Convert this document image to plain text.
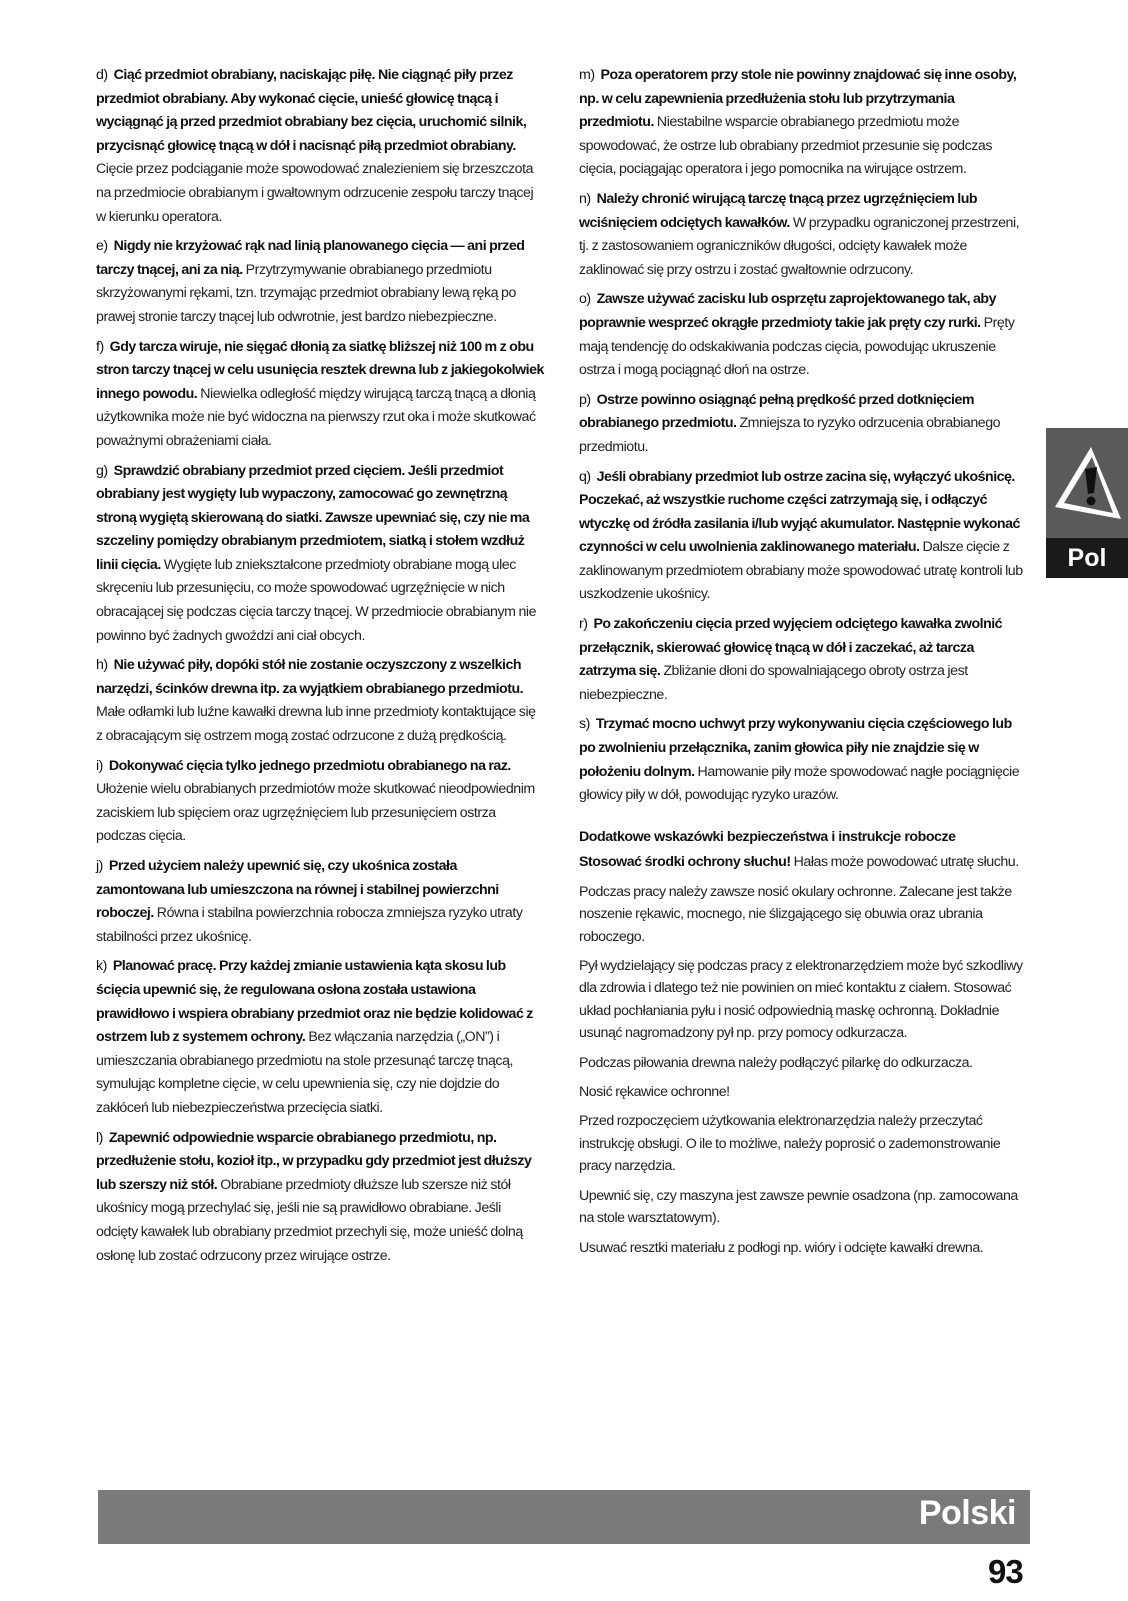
d) Ciąć przedmiot obrabiany, naciskając piłę. Nie ciągnąć piły przez przedmiot obrabiany. Aby wykonać cięcie, unieść głowicę tnącą i wyciągnąć ją przed przedmiot obrabiany bez cięcia, uruchomić silnik, przycisnąć głowicę tnącą w dół i nacisnąć piłą przedmiot obrabiany. Cięcie przez podciąganie może spowodować znalezieniem się brzeszczota na przedmiocie obrabianym i gwałtownym odrzucenie zespołu tarczy tnącej w kierunku operatora.

e) Nigdy nie krzyżować rąk nad linią planowanego cięcia — ani przed tarczy tnącej, ani za nią. Przytrzymywanie obrabianego przedmiotu skrzyżowanymi rękami, tzn. trzymając przedmiot obrabiany lewą ręką po prawej stronie tarczy tnącej lub odwrotnie, jest bardzo niebezpieczne.

f) Gdy tarcza wiruje, nie sięgać dłonią za siatkę bliższej niż 100 m z obu stron tarczy tnącej w celu usunięcia resztek drewna lub z jakiegokolwiek innego powodu. Niewielka odległość między wirującą tarczą tnącą a dłonią użytkownika może nie być widoczna na pierwszy rzut oka i może skutkować poważnymi obrażeniami ciała.

g) Sprawdzić obrabiany przedmiot przed cięciem. Jeśli przedmiot obrabiany jest wygięty lub wypaczony, zamocować go zewnętrzną stroną wygiętą skierowaną do siatki. Zawsze upewniać się, czy nie ma szczeliny pomiędzy obrabianym przedmiotem, siatką i stołem wzdłuż linii cięcia. Wygięte lub zniekształcone przedmioty obrabiane mogą ulec skręceniu lub przesunięciu, co może spowodować ugrzęźnięcie w nich obracającej się podczas cięcia tarczy tnącej. W przedmiocie obrabianym nie powinno być żadnych gwoździ ani ciał obcych.

h) Nie używać piły, dopóki stół nie zostanie oczyszczony z wszelkich narzędzi, ścinków drewna itp. za wyjątkiem obrabianego przedmiotu. Małe odłamki lub luźne kawałki drewna lub inne przedmioty kontaktujące się z obracającym się ostrzem mogą zostać odrzucone z dużą prędkością.

i) Dokonywać cięcia tylko jednego przedmiotu obrabianego na raz. Ułożenie wielu obrabianych przedmiotów może skutkować nieodpowiednim zaciskiem lub spięciem oraz ugrzęźnięciem lub przesunięciem ostrza podczas cięcia.

j) Przed użyciem należy upewnić się, czy ukośnica została zamontowana lub umieszczona na równej i stabilnej powierzchni roboczej. Równa i stabilna powierzchnia robocza zmniejsza ryzyko utraty stabilności przez ukośnicę.

k) Planować pracę. Przy każdej zmianie ustawienia kąta skosu lub ścięcia upewnić się, że regulowana osłona została ustawiona prawidłowo i wspiera obrabiany przedmiot oraz nie będzie kolidować z ostrzem lub z systemem ochrony. Bez włączania narzędzia („ON”) i umieszczania obrabianego przedmiotu na stole przesunąć tarczę tnącą, symulując kompletne cięcie, w celu upewnienia się, czy nie dojdzie do zakłóceń lub niebezpieczeństwa przecięcia siatki.

l) Zapewnić odpowiednie wsparcie obrabianego przedmiotu, np. przedłużenie stołu, kozioł itp., w przypadku gdy przedmiot jest dłuższy lub szerszy niż stół. Obrabiane przedmioty dłuższe lub szersze niż stół ukośnicy mogą przechylać się, jeśli nie są prawidłowo obrabiane. Jeśli odcięty kawałek lub obrabiany przedmiot przechyli się, może unieść dolną osłonę lub zostać odrzucony przez wirujące ostrze.

m) Poza operatorem przy stole nie powinny znajdować się inne osoby, np. w celu zapewnienia przedłużenia stołu lub przytrzymania przedmiotu. Niestabilne wsparcie obrabianego przedmiotu może spowodować, że ostrze lub obrabiany przedmiot przesunie się podczas cięcia, pociągając operatora i jego pomocnika na wirujące ostrzem.

n) Należy chronić wirującą tarczę tnącą przez ugrzęźnięciem lub wciśnięciem odciętych kawałków. W przypadku ograniczonej przestrzeni, tj. z zastosowaniem ograniczników długości, odcięty kawałek może zaklinować się przy ostrzu i zostać gwałtownie odrzucony.

o) Zawsze używać zacisku lub osprzętu zaprojektowanego tak, aby poprawnie wesprzeć okrągłe przedmioty takie jak pręty czy rurki. Pręty mają tendencję do odskakiwania podczas cięcia, powodując ukruszenie ostrza i mogą pociągnąć dłoń na ostrze.

p) Ostrze powinno osiągnąć pełną prędkość przed dotknięciem obrabianego przedmiotu. Zmniejsza to ryzyko odrzucenia obrabianego przedmiotu.

q) Jeśli obrabiany przedmiot lub ostrze zacina się, wyłączyć ukośnicę. Poczekać, aż wszystkie ruchome części zatrzymają się, i odłączyć wtyczkę od źródła zasilania i/lub wyjąć akumulator. Następnie wykonać czynności w celu uwolnienia zaklinowanego materiału. Dalsze cięcie z zaklinowanym przedmiotem obrabiany może spowodować utratę kontroli lub uszkodzenie ukośnicy.

r) Po zakończeniu cięcia przed wyjęciem odciętego kawałka zwolnić przełącznik, skierować głowicę tnącą w dół i zaczekać, aż tarcza zatrzyma się. Zbliżanie dłoni do spowalniającego obroty ostrza jest niebezpieczne.

s) Trzymać mocno uchwyt przy wykonywaniu cięcia częściowego lub po zwolnieniu przełącznika, zanim głowica piły nie znajdzie się w położeniu dolnym. Hamowanie piły może spowodować nagłe pociągnięcie głowicy piły w dół, powodując ryzyko urazów.

Dodatkowe wskazówki bezpieczeństwa i instrukcje robocze

Stosować środki ochrony słuchu! Hałas może powodować utratę słuchu.

Podczas pracy należy zawsze nosić okulary ochronne. Zalecane jest także noszenie rękawic, mocnego, nie ślizgającego się obuwia oraz ubrania roboczego.

Pył wydzielający się podczas pracy z elektronarzędziem może być szkodliwy dla zdrowia i dlatego też nie powinien on mieć kontaktu z ciałem. Stosować układ pochłaniania pyłu i nosić odpowiednią maskę ochronną. Dokładnie usunąć nagromadzony pył np. przy pomocy odkurzacza.

Podczas piłowania drewna należy podłączyć pilarkę do odkurzacza.

Nosić rękawice ochronne!

Przed rozpoczęciem użytkowania elektronarzędzia należy przeczytać instrukcję obsługi. O ile to możliwe, należy poprosić o zademonstrowanie pracy narzędzia.

Upewnić się, czy maszyna jest zawsze pewnie osadzona (np. zamocowana na stole warsztatowym).

Usuwać resztki materiału z podłogi np. wióry i odcięte kawałki drewna.

Pol
Polski
93
